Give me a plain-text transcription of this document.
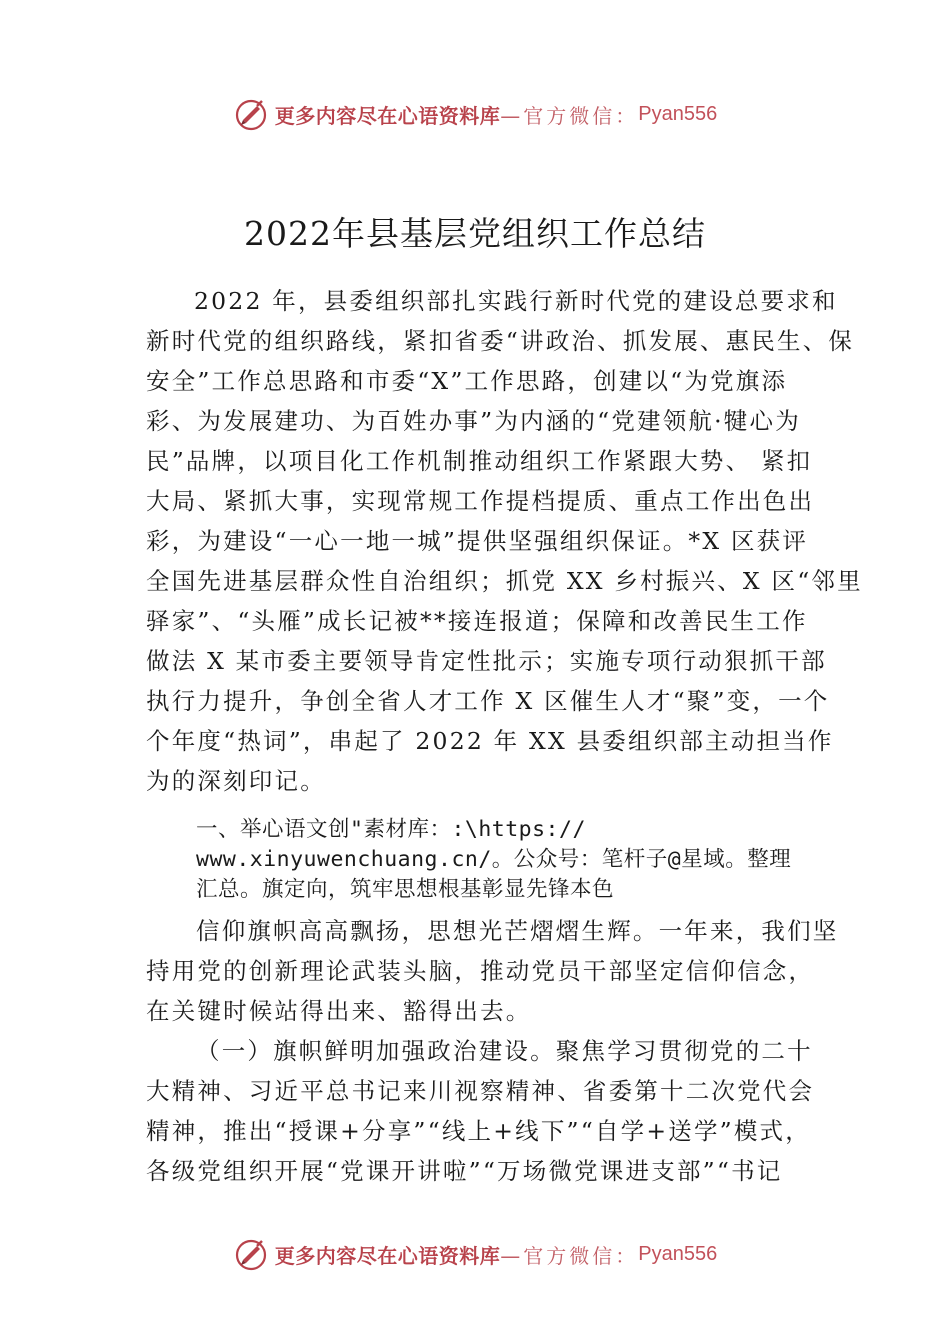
更多内容尽在心语资料库 —官方微信： Pyan556
2022年县基层党组织工作总结
2022 年，县委组织部扎实践行新时代党的建设总要求和
新时代党的组织路线，紧扣省委“讲政治、抓发展、惠民生、保
安全”工作总思路和市委“X”工作思路，创建以“为党旗添
彩、为发展建功、为百姓办事”为内涵的“党建领航·犍心为
民”品牌，以项目化工作机制推动组织工作紧跟大势、 紧扣
大局、紧抓大事，实现常规工作提档提质、重点工作出色出
彩，为建设“一心一地一城”提供坚强组织保证。*X 区获评
全国先进基层群众性自治组织；抓党 XX 乡村振兴、X 区“邻里
驿家”、“头雁”成长记被**接连报道；保障和改善民生工作
做法 X 某市委主要领导肯定性批示；实施专项行动狠抓干部
执行力提升，争创全省人才工作 X 区催生人才“聚”变，一个
个年度“热词”，串起了 2022 年 XX 县委组织部主动担当作
为的深刻印记。
一、举心语文创"素材库：:\https://
www.xinyuwenchuang.cn/。公众号：笔杆子@星域。整理
汇总。旗定向，筑牢思想根基彰显先锋本色
信仰旗帜高高飘扬，思想光芒熠熠生辉。一年来，我们坚
持用党的创新理论武装头脑，推动党员干部坚定信仰信念，
在关键时候站得出来、豁得出去。
（一）旗帜鲜明加强政治建设。聚焦学习贯彻党的二十
大精神、习近平总书记来川视察精神、省委第十二次党代会
精神，推出“授课+分享”“线上+线下”“自学+送学”模式，
各级党组织开展“党课开讲啦”“万场微党课进支部”“书记
更多内容尽在心语资料库 —官方微信： Pyan556
